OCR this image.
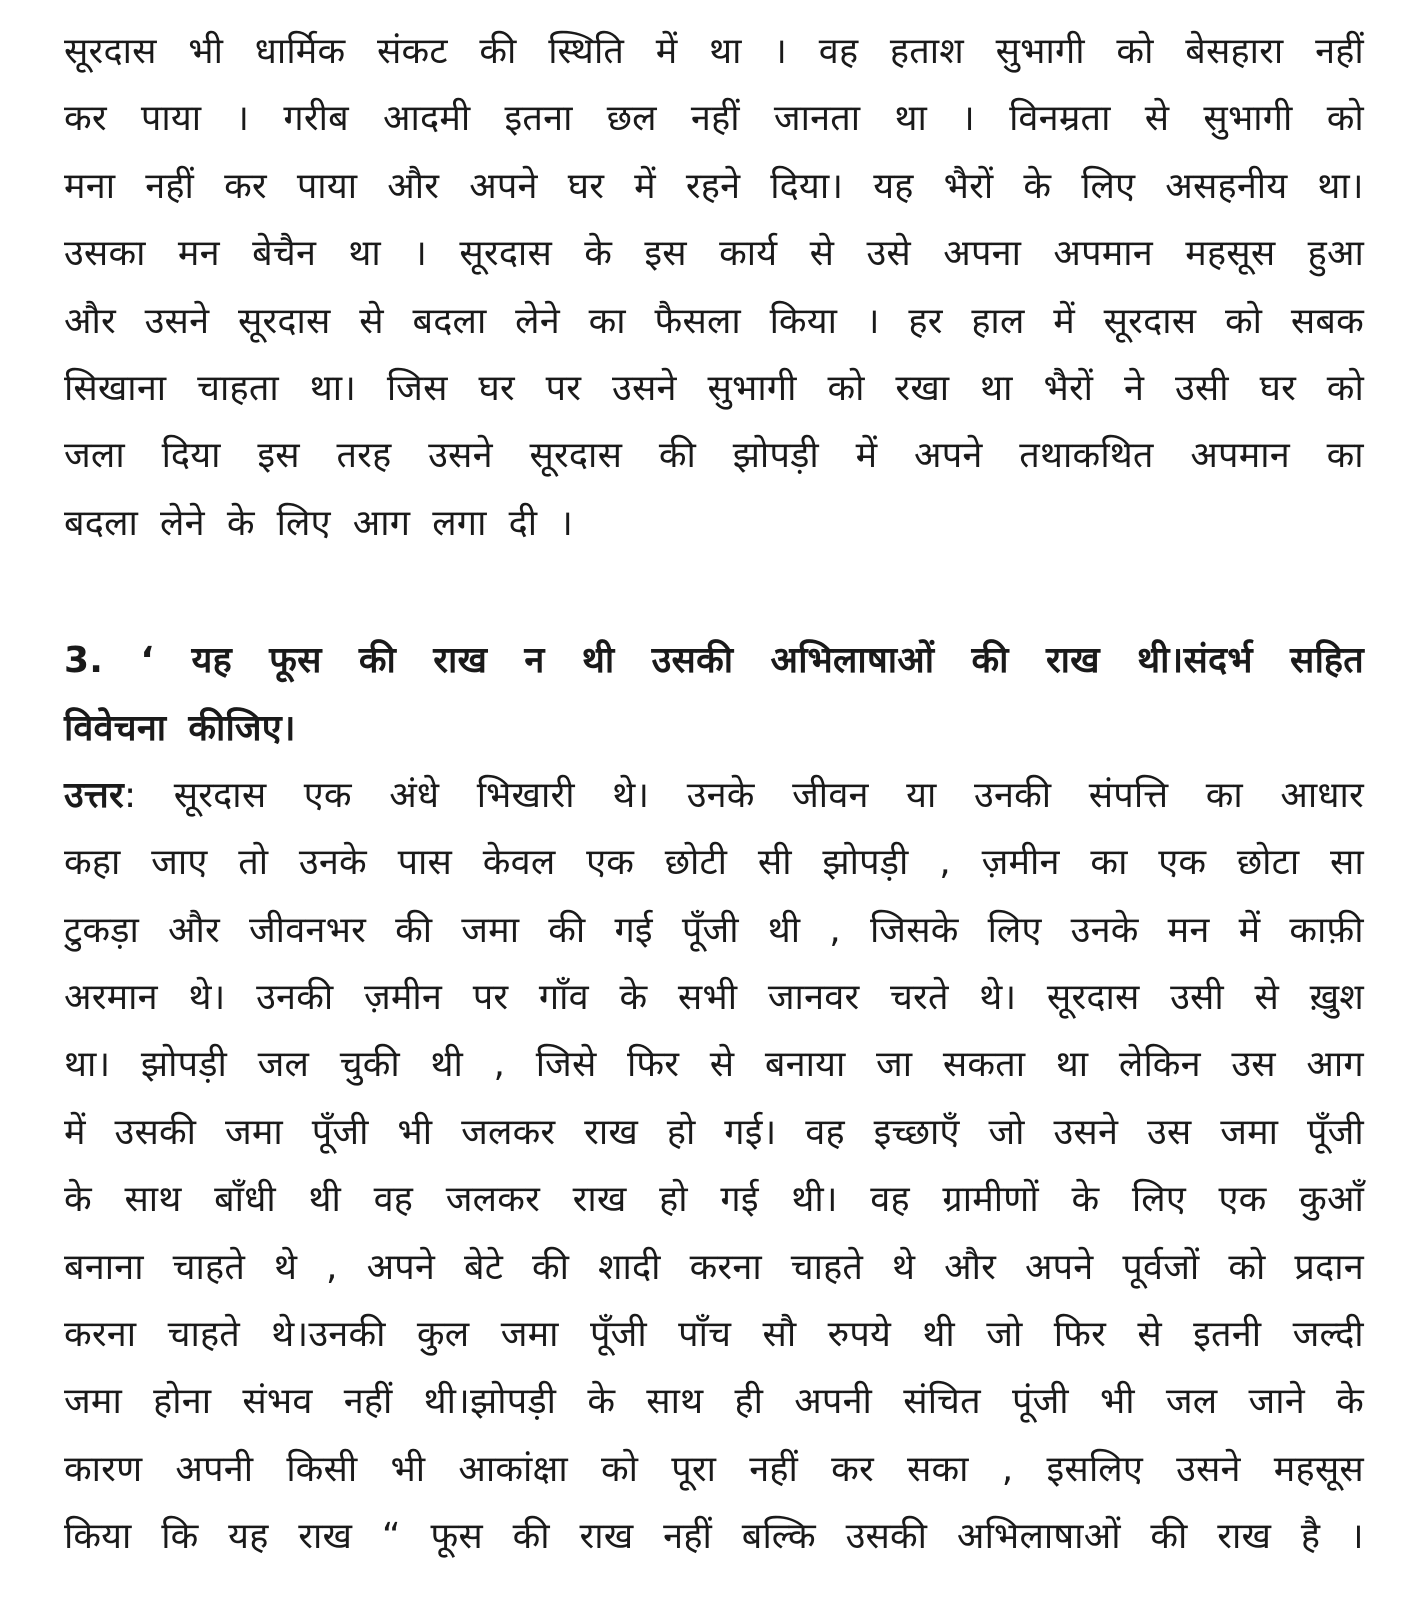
सूरदास भी धार्मिक संकट की स्थिति में था । वह हताश सुभागी को बेसहारा नहीं
कर पाया । गरीब आदमी इतना छल नहीं जानता था । विनम्रता से सुभागी को
मना नहीं कर पाया और अपने घर में रहने दिया। यह भैरों के लिए असहनीय था।
उसका मन बेचैन था । सूरदास के इस कार्य से उसे अपना अपमान महसूस हुआ
और उसने सूरदास से बदला लेने का फैसला किया । हर हाल में सूरदास को सबक
सिखाना चाहता था। जिस घर पर उसने सुभागी को रखा था भैरों ने उसी घर को
जला दिया इस तरह उसने सूरदास की झोपड़ी में अपने तथाकथित अपमान का
बदला लेने के लिए आग लगा दी ।
3. ‘ यह फूस की राख न थी उसकी अभिलाषाओं की राख थी।संदर्भ सहित
विवेचना कीजिए।
उत्तर: सूरदास एक अंधे भिखारी थे। उनके जीवन या उनकी संपत्ति का आधार
कहा जाए तो उनके पास केवल एक छोटी सी झोपड़ी , ज़मीन का एक छोटा सा
टुकड़ा और जीवनभर की जमा की गई पूँजी थी , जिसके लिए उनके मन में काफ़ी
अरमान थे। उनकी ज़मीन पर गाँव के सभी जानवर चरते थे। सूरदास उसी से ख़ुश
था। झोपड़ी जल चुकी थी , जिसे फिर से बनाया जा सकता था लेकिन उस आग
में उसकी जमा पूँजी भी जलकर राख हो गई। वह इच्छाएँ जो उसने उस जमा पूँजी
के साथ बाँधी थी वह जलकर राख हो गई थी। वह ग्रामीणों के लिए एक कुआँ
बनाना चाहते थे , अपने बेटे की शादी करना चाहते थे और अपने पूर्वजों को प्रदान
करना चाहते थे।उनकी कुल जमा पूँजी पाँच सौ रुपये थी जो फिर से इतनी जल्दी
जमा होना संभव नहीं थी।झोपड़ी के साथ ही अपनी संचित पूंजी भी जल जाने के
कारण अपनी किसी भी आकांक्षा को पूरा नहीं कर सका , इसलिए उसने महसूस
किया कि यह राख “ फूस की राख नहीं बल्कि उसकी अभिलाषाओं की राख है ।
